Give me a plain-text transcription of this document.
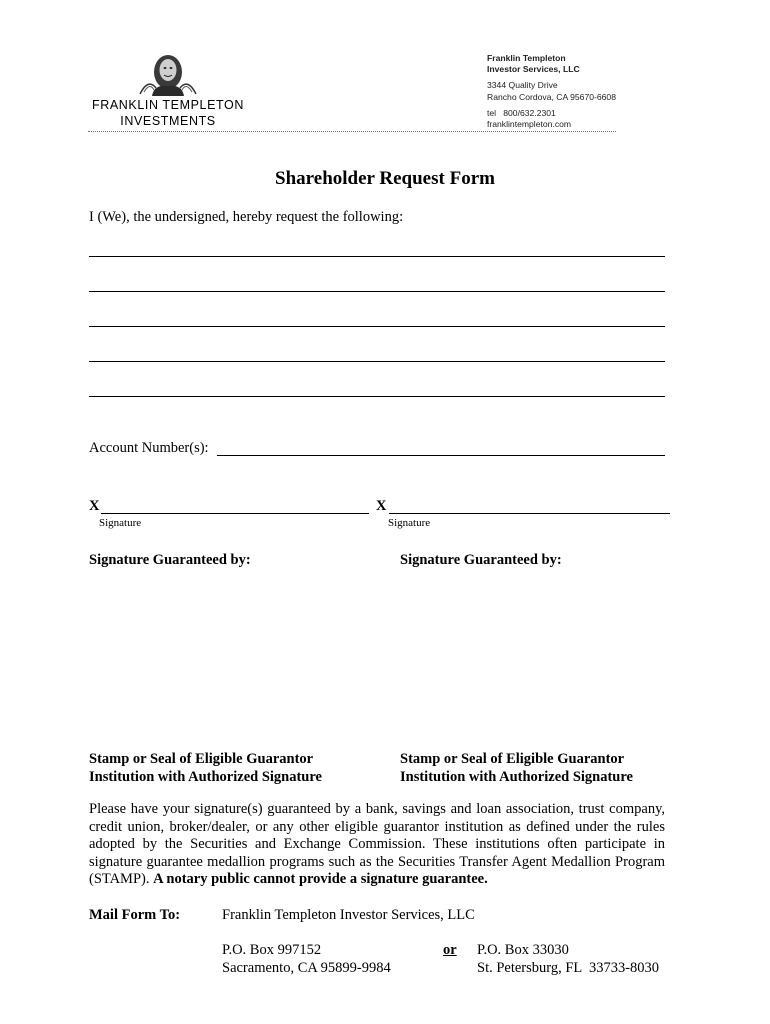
FRANKLIN TEMPLETON
INVESTMENTS
Franklin Templeton
Investor Services, LLC
3344 Quality Drive
Rancho Cordova, CA 95670-6608
tel   800/632.2301
franklintempleton.com
Shareholder Request Form
I (We), the undersigned, hereby request the following:
Account Number(s):
X
Signature
X
Signature
Signature Guaranteed by:	Signature Guaranteed by:
Stamp or Seal of Eligible Guarantor
Institution with Authorized Signature
Stamp or Seal of Eligible Guarantor
Institution with Authorized Signature
Please have your signature(s) guaranteed by a bank, savings and loan association, trust company, credit union, broker/dealer, or any other eligible guarantor institution as defined under the rules adopted by the Securities and Exchange Commission. These institutions often participate in signature guarantee medallion programs such as the Securities Transfer Agent Medallion Program (STAMP). A notary public cannot provide a signature guarantee.
Mail Form To:	Franklin Templeton Investor Services, LLC
P.O. Box 997152
Sacramento, CA 95899-9984
or P.O. Box 33030
St. Petersburg, FL  33733-8030
